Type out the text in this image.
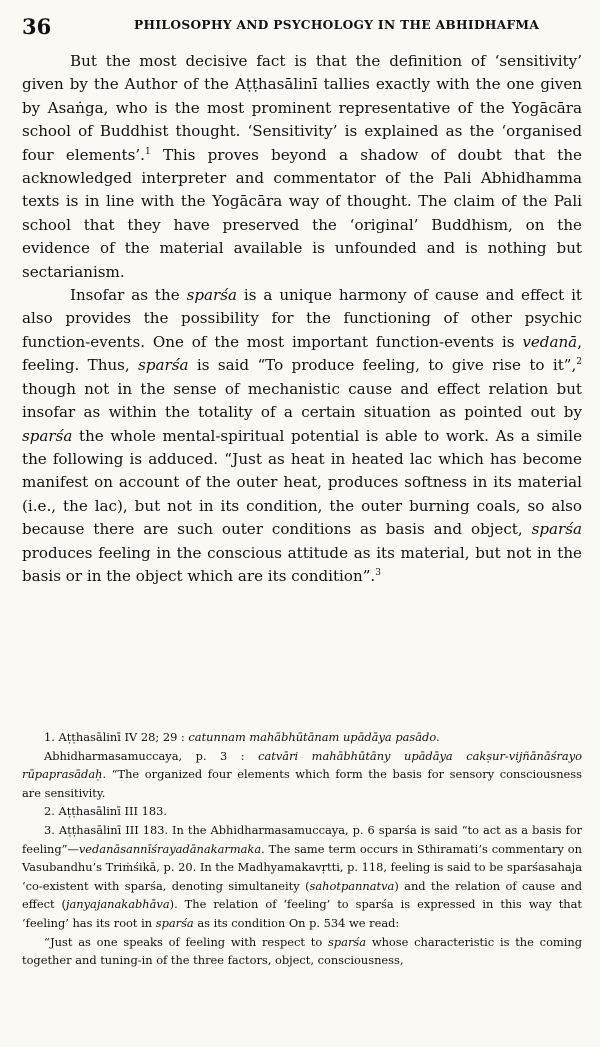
36	PHILOSOPHY AND PSYCHOLOGY IN THE ABHIDHAFMA

But the most decisive fact is that the definition of ‘sensitivity’ given by the Author of the Aṭṭhasālinī tallies exactly with the one given by Asaṅga, who is the most prominent representative of the Yogācāra school of Buddhist thought. ‘Sensitivity’ is explained as the ‘organised four elements’.$^1$ This proves beyond a shadow of doubt that the acknowledged interpreter and commentator of the Pali Abhidhamma texts is in line with the Yogācāra way of thought. The claim of the Pali school that they have preserved the ‘original’ Buddhism, on the evidence of the material available is unfounded and is nothing but sectarianism.

Insofar as the sparśa is a unique harmony of cause and effect it also provides the possibility for the functioning of other psychic function-events. One of the most important function-events is vedanā, feeling. Thus, sparśa is said “To produce feeling, to give rise to it”,$^2$ though not in the sense of mechanistic cause and effect relation but insofar as within the totality of a certain situation as pointed out by sparśa the whole mental-spiritual potential is able to work. As a simile the following is adduced. “Just as heat in heated lac which has become manifest on account of the outer heat, produces softness in its material (i.e., the lac), but not in its condition, the outer burning coals, so also because there are such outer conditions as basis and object, sparśa produces feeling in the conscious attitude as its material, but not in the basis or in the object which are its condition”.$^3$

1. Aṭṭhasālinī IV 28; 29 : catunnam mahābhūtānam upādāya pasādo.

Abhidharmasamuccaya, p. 3 : catvāri mahābhūtāny upādāya cakṣur-vijñānāśrayo rūpaprasādaḥ. “The organized four elements which form the basis for sensory consciousness are sensitivity.

2. Aṭṭhasālinī III 183.

3. Aṭṭhasālinī III 183. In the Abhidharmasamuccaya, p. 6 sparśa is said “to act as a basis for feeling”—vedanāsannīśrayadānakarmaka. The same term occurs in Sthiramati’s commentary on Vasubandhu’s Triṁśikā, p. 20. In the Madhyamakavṛtti, p. 118, feeling is said to be sparśasahaja ‘co-existent with sparśa, denoting simultaneity (sahotpannatva) and the relation of cause and effect (janyajanakabhāva). The relation of ‘feeling’ to sparśa is expressed in this way that ‘feeling’ has its root in sparśa as its condition On p. 534 we read:

“Just as one speaks of feeling with respect to sparśa whose characteristic is the coming together and tuning-in of the three factors, object, consciousness,
